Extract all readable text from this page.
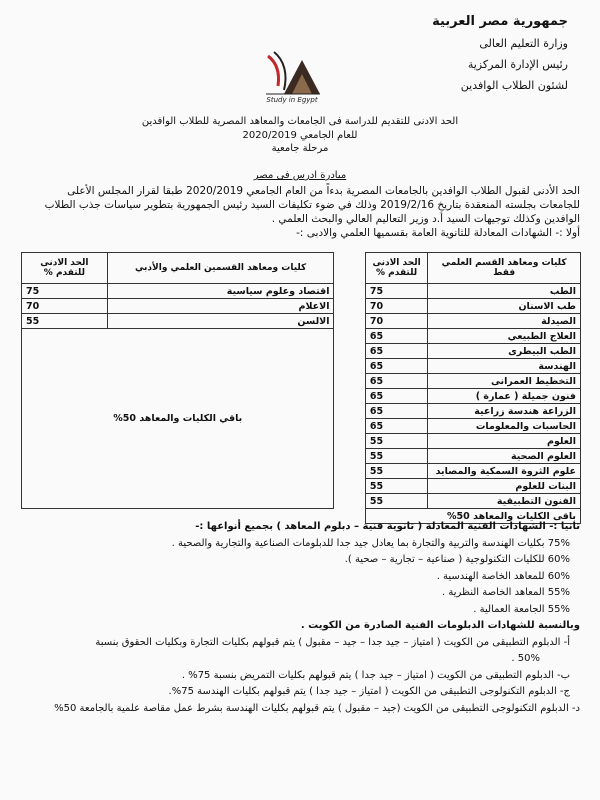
جمهورية مصر العربية
وزارة التعليم العالى
رئيس الإدارة المركزية
لشئون الطلاب الوافدين
Study in Egypt
الحد الادنى للتقديم للدراسة فى الجامعات والمعاهد المصرية للطلاب الوافدين
للعام الجامعي 2020/2019
مرحلة جامعية
مبادرة ادرس فى مصر
الحد الأدنى لقبول الطلاب الوافدين بالجامعات المصرية بدءاً من العام الجامعي 2020/2019 طبقا لقرار المجلس الأعلى للجامعات بجلسته المنعقدة بتاريخ 2019/2/16 وذلك في ضوء تكليفات السيد رئيس الجمهورية بتطوير سياسات جذب الطلاب الوافدين وكذلك توجيهات السيد أ.د وزير التعاليم العالي والبحث العلمي .
أولا :- الشهادات المعادلة للثانوية العامة بقسميها العلمي والادبى :-
كليات ومعاهد القسم العلمي فقط	الحد الادنى للتقدم %		كليات ومعاهد القسمين العلمي والأدبي	الحد الادنى للتقدم %
الطب	75		اقتصاد وعلوم سياسية	75
طب الاسنان	70		الاعلام	70
الصيدلة	70		الالسن	55
العلاج الطبيعي	65		باقي الكليات والمعاهد 50%	
الطب البيطرى	65			
الهندسة	65			
التخطيط العمرانى	65			
فنون جميلة ( عمارة )	65			
الزراعة هندسة زراعية	65			
الحاسبات والمعلومات	65			
العلوم	55			
العلوم الصحية	55			
علوم الثروة السمكية والمصايد	55			
البنات للعلوم	55			
الفنون التطبيقية	55			
باقى الكليات والمعاهد 50%				
ثانيا :- الشهادات الفنية المعادلة ( ثانوية فنية – دبلوم المعاهد ) بجميع أنواعها :-
75% بكليات الهندسة والتربية والتجارة بما يعادل جيد جدا للدبلومات الصناعية والتجارية والصحية .
60% للكليات التكنولوجية ( صناعية – تجارية – صحية ).
60% للمعاهد الخاصة الهندسية .
55% المعاهد الخاصة النظرية .
55% الجامعة العمالية .
وبالنسبة للشهادات الدبلومات الفنية الصادرة من الكويت .
أ- الدبلوم التطبيقى من الكويت ( امتياز – جيد جدا – جيد – مقبول ) يتم قبولهم بكليات التجارة وبكليات الحقوق بنسبة
50% .
ب- الدبلوم التطبيقى من الكويت ( امتياز – جيد جدا ) يتم قبولهم بكليات التمريض بنسبة 75% .
ج- الدبلوم التكنولوجى التطبيقى من الكويت ( امتياز – جيد جدا ) يتم قبولهم بكليات الهندسة 75%.
د- الدبلوم التكنولوجى التطبيقى من الكويت (جيد – مقبول ) يتم قبولهم بكليات الهندسة بشرط عمل مقاصة علمية بالجامعة 50%
